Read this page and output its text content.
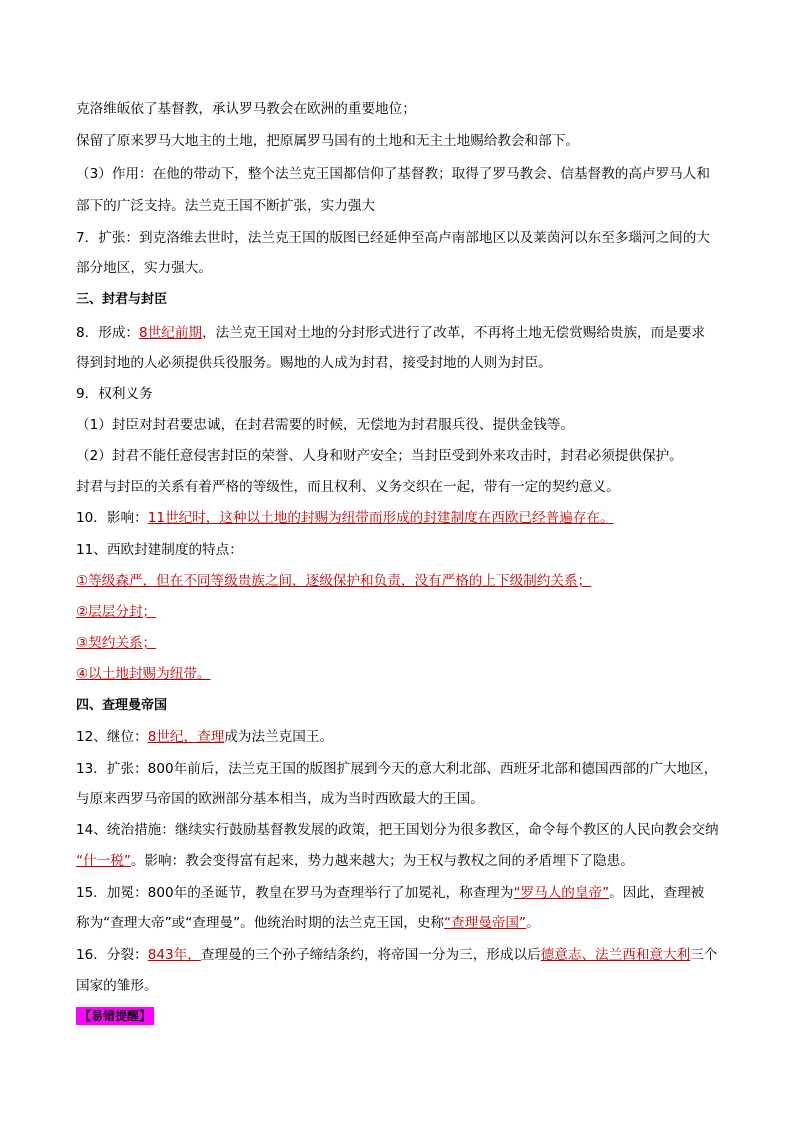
克洛维皈依了基督教，承认罗马教会在欧洲的重要地位；
保留了原来罗马大地主的土地，把原属罗马国有的土地和无主土地赐给教会和部下。
（3）作用：在他的带动下，整个法兰克王国都信仰了基督教；取得了罗马教会、信基督教的高卢罗马人和
部下的广泛支持。法兰克王国不断扩张，实力强大
7．扩张：到克洛维去世时，法兰克王国的版图已经延伸至高卢南部地区以及莱茵河以东至多瑙河之间的大
部分地区，实力强大。
三、封君与封臣
8．形成：8世纪前期，法兰克王国对土地的分封形式进行了改革，不再将土地无偿赏赐给贵族，而是要求
得到封地的人必须提供兵役服务。赐地的人成为封君，接受封地的人则为封臣。
9．权利义务
（1）封臣对封君要忠诚，在封君需要的时候，无偿地为封君服兵役、提供金钱等。
（2）封君不能任意侵害封臣的荣誉、人身和财产安全；当封臣受到外来攻击时，封君必须提供保护。
封君与封臣的关系有着严格的等级性，而且权利、义务交织在一起，带有一定的契约意义。
10．影响：11世纪时，这种以土地的封赐为纽带而形成的封建制度在西欧已经普遍存在。
11、西欧封建制度的特点：
①等级森严，但在不同等级贵族之间，逐级保护和负责，没有严格的上下级制约关系；
②层层分封；
③契约关系；
④以土地封赐为纽带。
四、查理曼帝国
12、继位：8世纪，查理成为法兰克国王。
13．扩张：800年前后，法兰克王国的版图扩展到今天的意大利北部、西班牙北部和德国西部的广大地区，
与原来西罗马帝国的欧洲部分基本相当，成为当时西欧最大的王国。
14、统治措施：继续实行鼓励基督教发展的政策，把王国划分为很多教区，命令每个教区的人民向教会交纳
“什一税”。影响：教会变得富有起来，势力越来越大；为王权与教权之间的矛盾埋下了隐患。
15．加冕：800年的圣诞节，教皇在罗马为查理举行了加冕礼，称查理为“罗马人的皇帝”。因此，查理被
称为“查理大帝”或“查理曼”。他统治时期的法兰克王国，史称“查理曼帝国”。
16．分裂：843年，查理曼的三个孙子缔结条约，将帝国一分为三，形成以后德意志、法兰西和意大利三个
国家的雏形。
【易错提醒】
